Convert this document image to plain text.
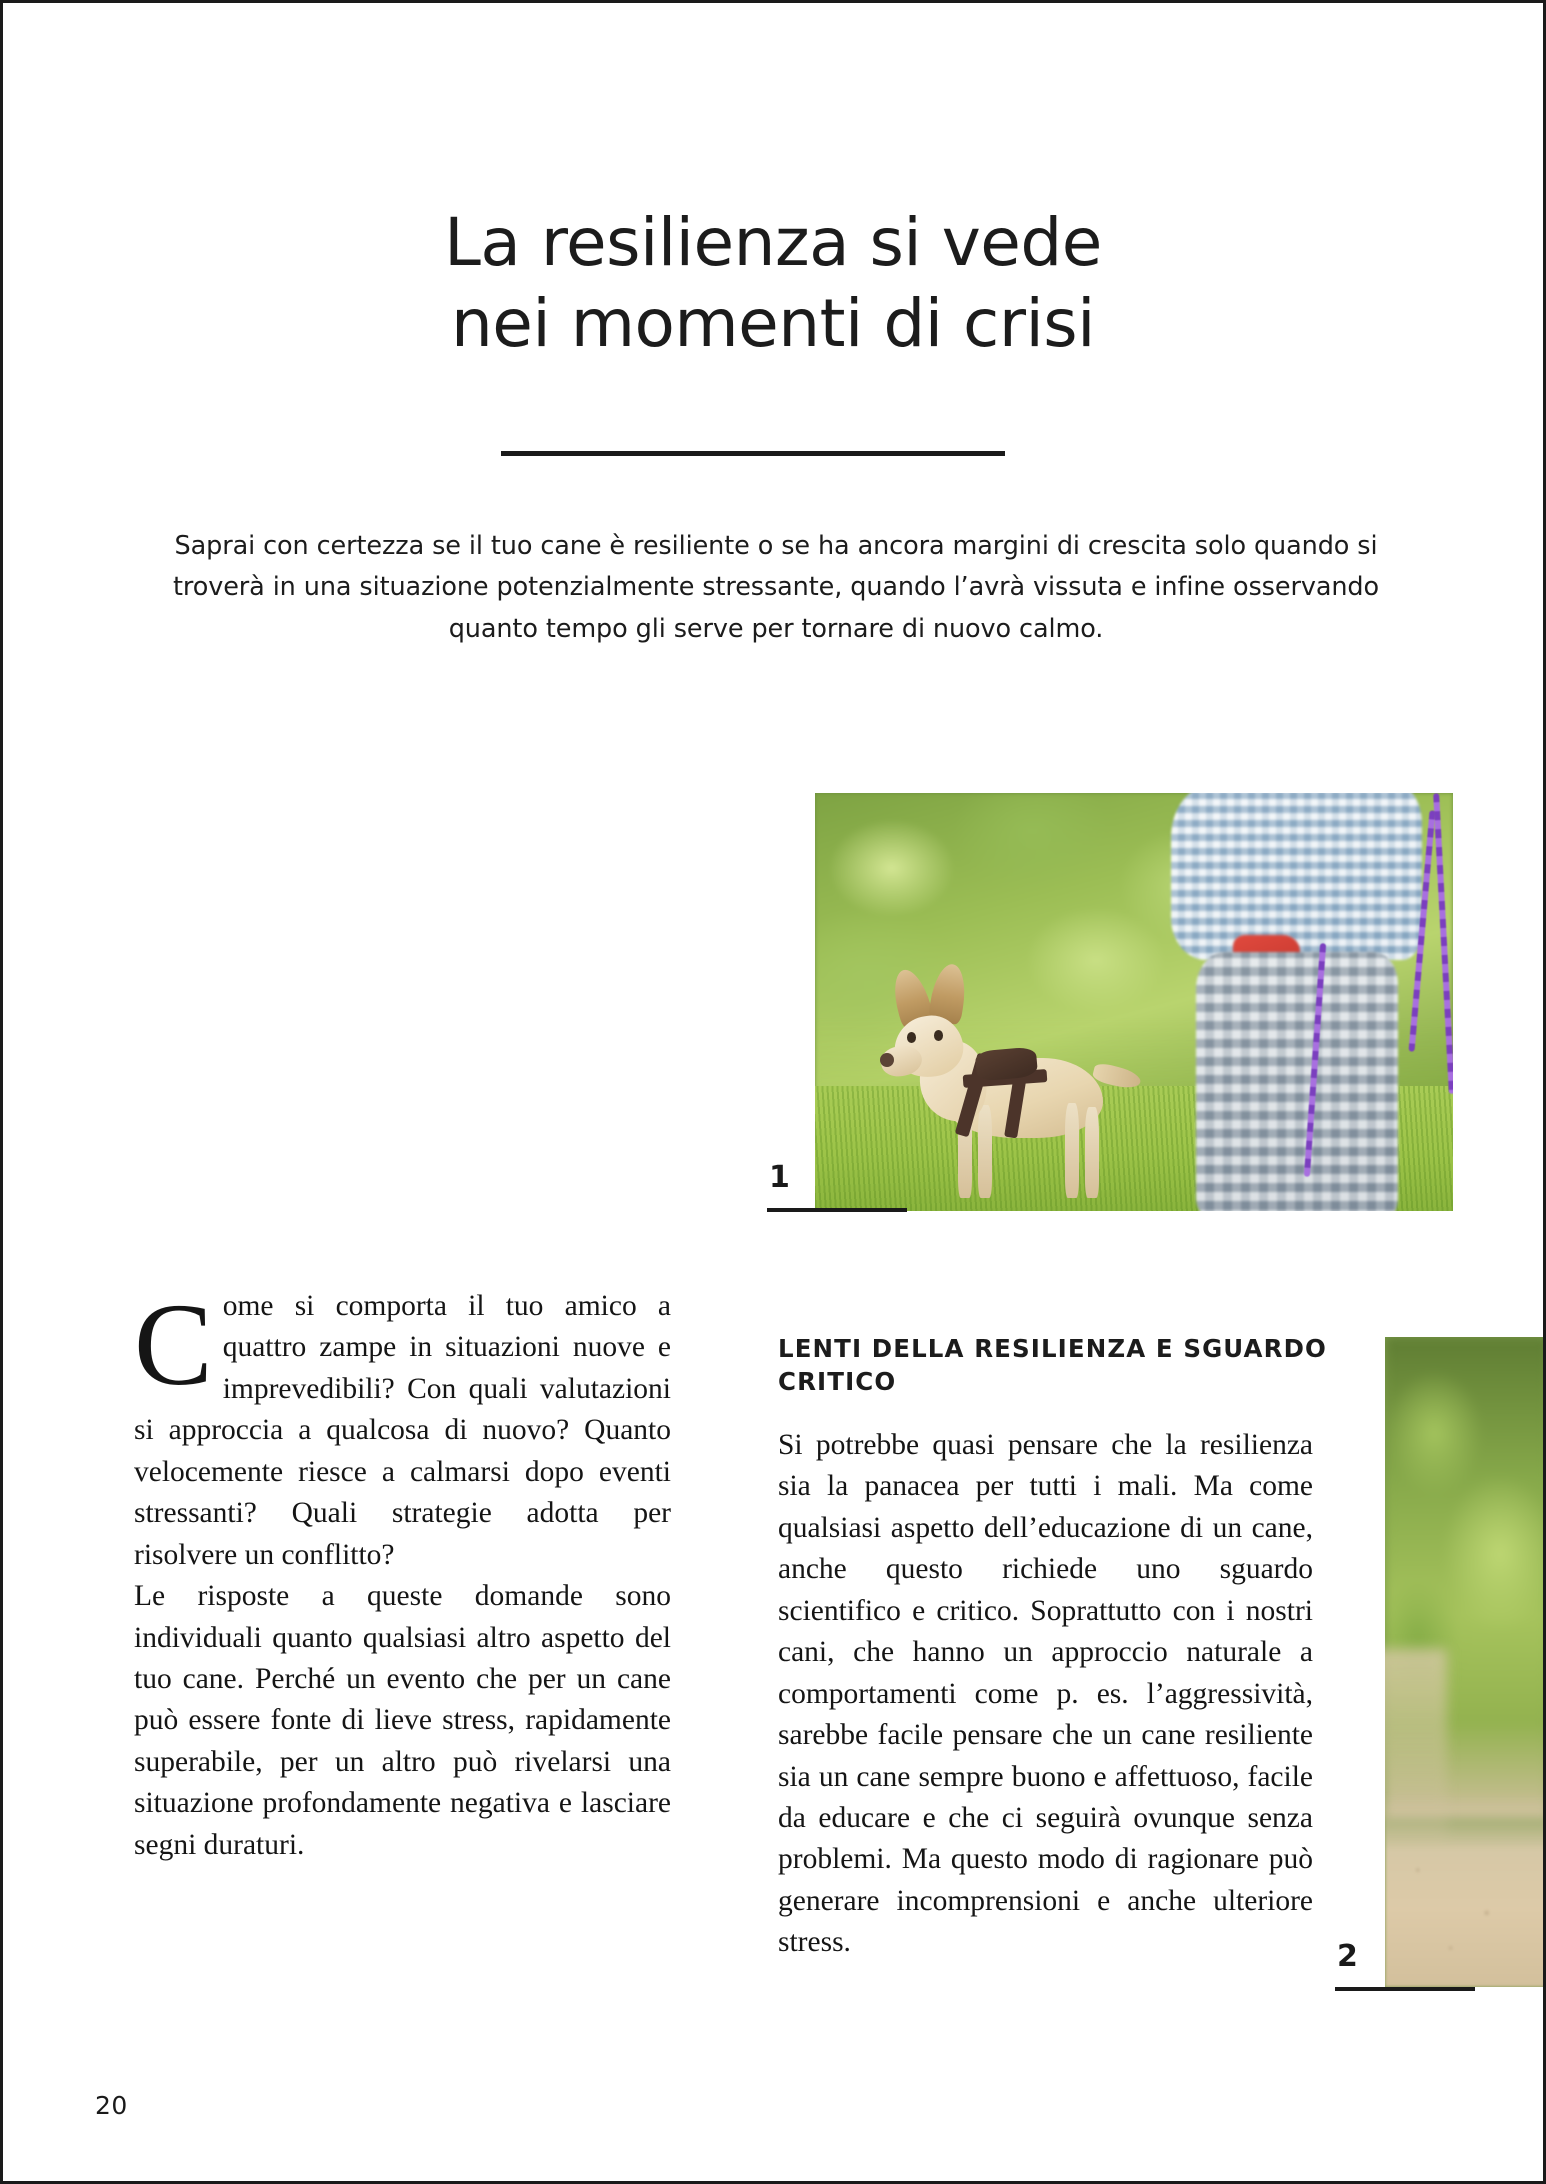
La resilienza si vede
nei momenti di crisi
Saprai con certezza se il tuo cane è resiliente o se ha ancora margini di crescita solo quando si troverà in una situazione potenzialmente stressante, quando l’avrà vissuta e infine osservando quanto tempo gli serve per tornare di nuovo calmo.
1
2

Come si comporta il tuo amico a quattro zampe in situazioni nuove e imprevedibili? Con quali valutazioni si approccia a qualcosa di nuovo? Quanto velocemente riesce a calmarsi dopo eventi stressanti? Quali strategie adotta per risolvere un conflitto?

Le risposte a queste domande sono individuali quanto qualsiasi altro aspetto del tuo cane. Perché un evento che per un cane può essere fonte di lieve stress, rapidamente superabile, per un altro può rivelarsi una situazione profondamente negativa e lasciare segni duraturi.

LENTI DELLA RESILIENZA E SGUARDO CRITICO

Si potrebbe quasi pensare che la resilienza sia la panacea per tutti i mali. Ma come qualsiasi aspetto dell’educazione di un cane, anche questo richiede uno sguardo scientifico e critico. Soprattutto con i nostri cani, che hanno un approccio naturale a comportamenti come p. es. l’aggressività, sarebbe facile pensare che un cane resiliente sia un cane sempre buono e affettuoso, facile da educare e che ci seguirà ovunque senza problemi. Ma questo modo di ragionare può generare incomprensioni e anche ulteriore stress.

20
